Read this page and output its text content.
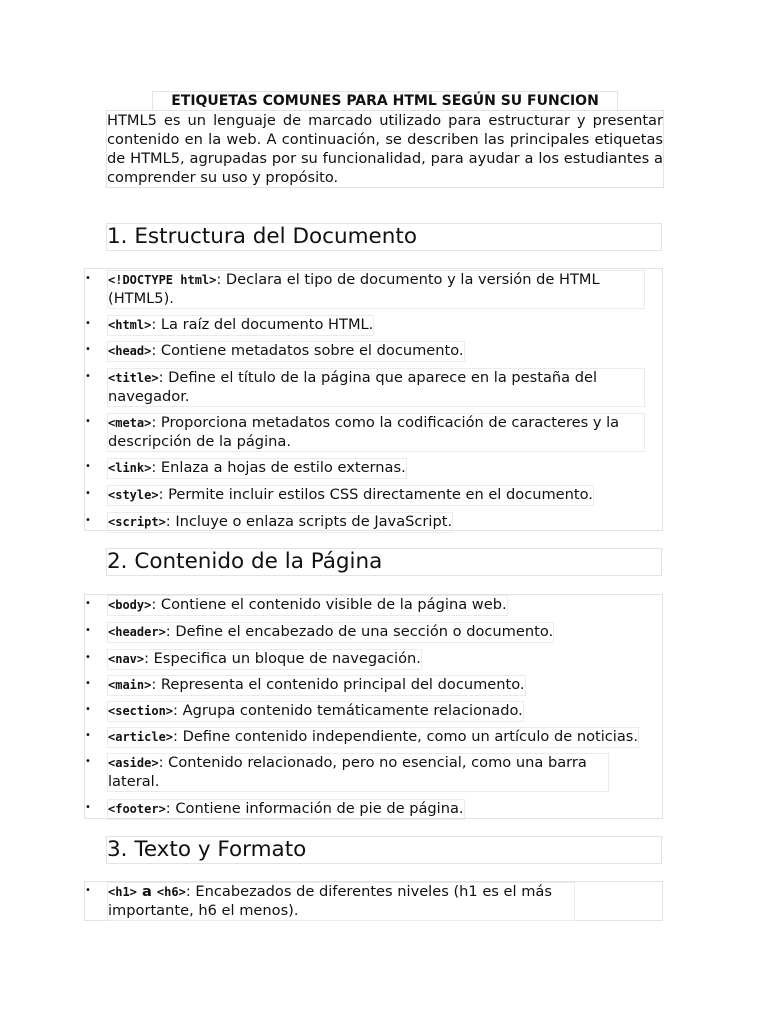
ETIQUETAS COMUNES PARA HTML SEGÚN SU FUNCION
HTML5 es un lenguaje de marcado utilizado para estructurar y presentar contenido en la web. A continuación, se describen las principales etiquetas de HTML5, agrupadas por su funcionalidad, para ayudar a los estudiantes a comprender su uso y propósito.
1. Estructura del Documento
• <!DOCTYPE html>: Declara el tipo de documento y la versión de HTML (HTML5).
• <html>: La raíz del documento HTML.
• <head>: Contiene metadatos sobre el documento.
• <title>: Define el título de la página que aparece en la pestaña del navegador.
• <meta>: Proporciona metadatos como la codificación de caracteres y la descripción de la página.
• <link>: Enlaza a hojas de estilo externas.
• <style>: Permite incluir estilos CSS directamente en el documento.
• <script>: Incluye o enlaza scripts de JavaScript.
2. Contenido de la Página
• <body>: Contiene el contenido visible de la página web.
• <header>: Define el encabezado de una sección o documento.
• <nav>: Especifica un bloque de navegación.
• <main>: Representa el contenido principal del documento.
• <section>: Agrupa contenido temáticamente relacionado.
• <article>: Define contenido independiente, como un artículo de noticias.
• <aside>: Contenido relacionado, pero no esencial, como una barra lateral.
• <footer>: Contiene información de pie de página.
3. Texto y Formato
• <h1> a <h6>: Encabezados de diferentes niveles (h1 es el más importante, h6 el menos).
